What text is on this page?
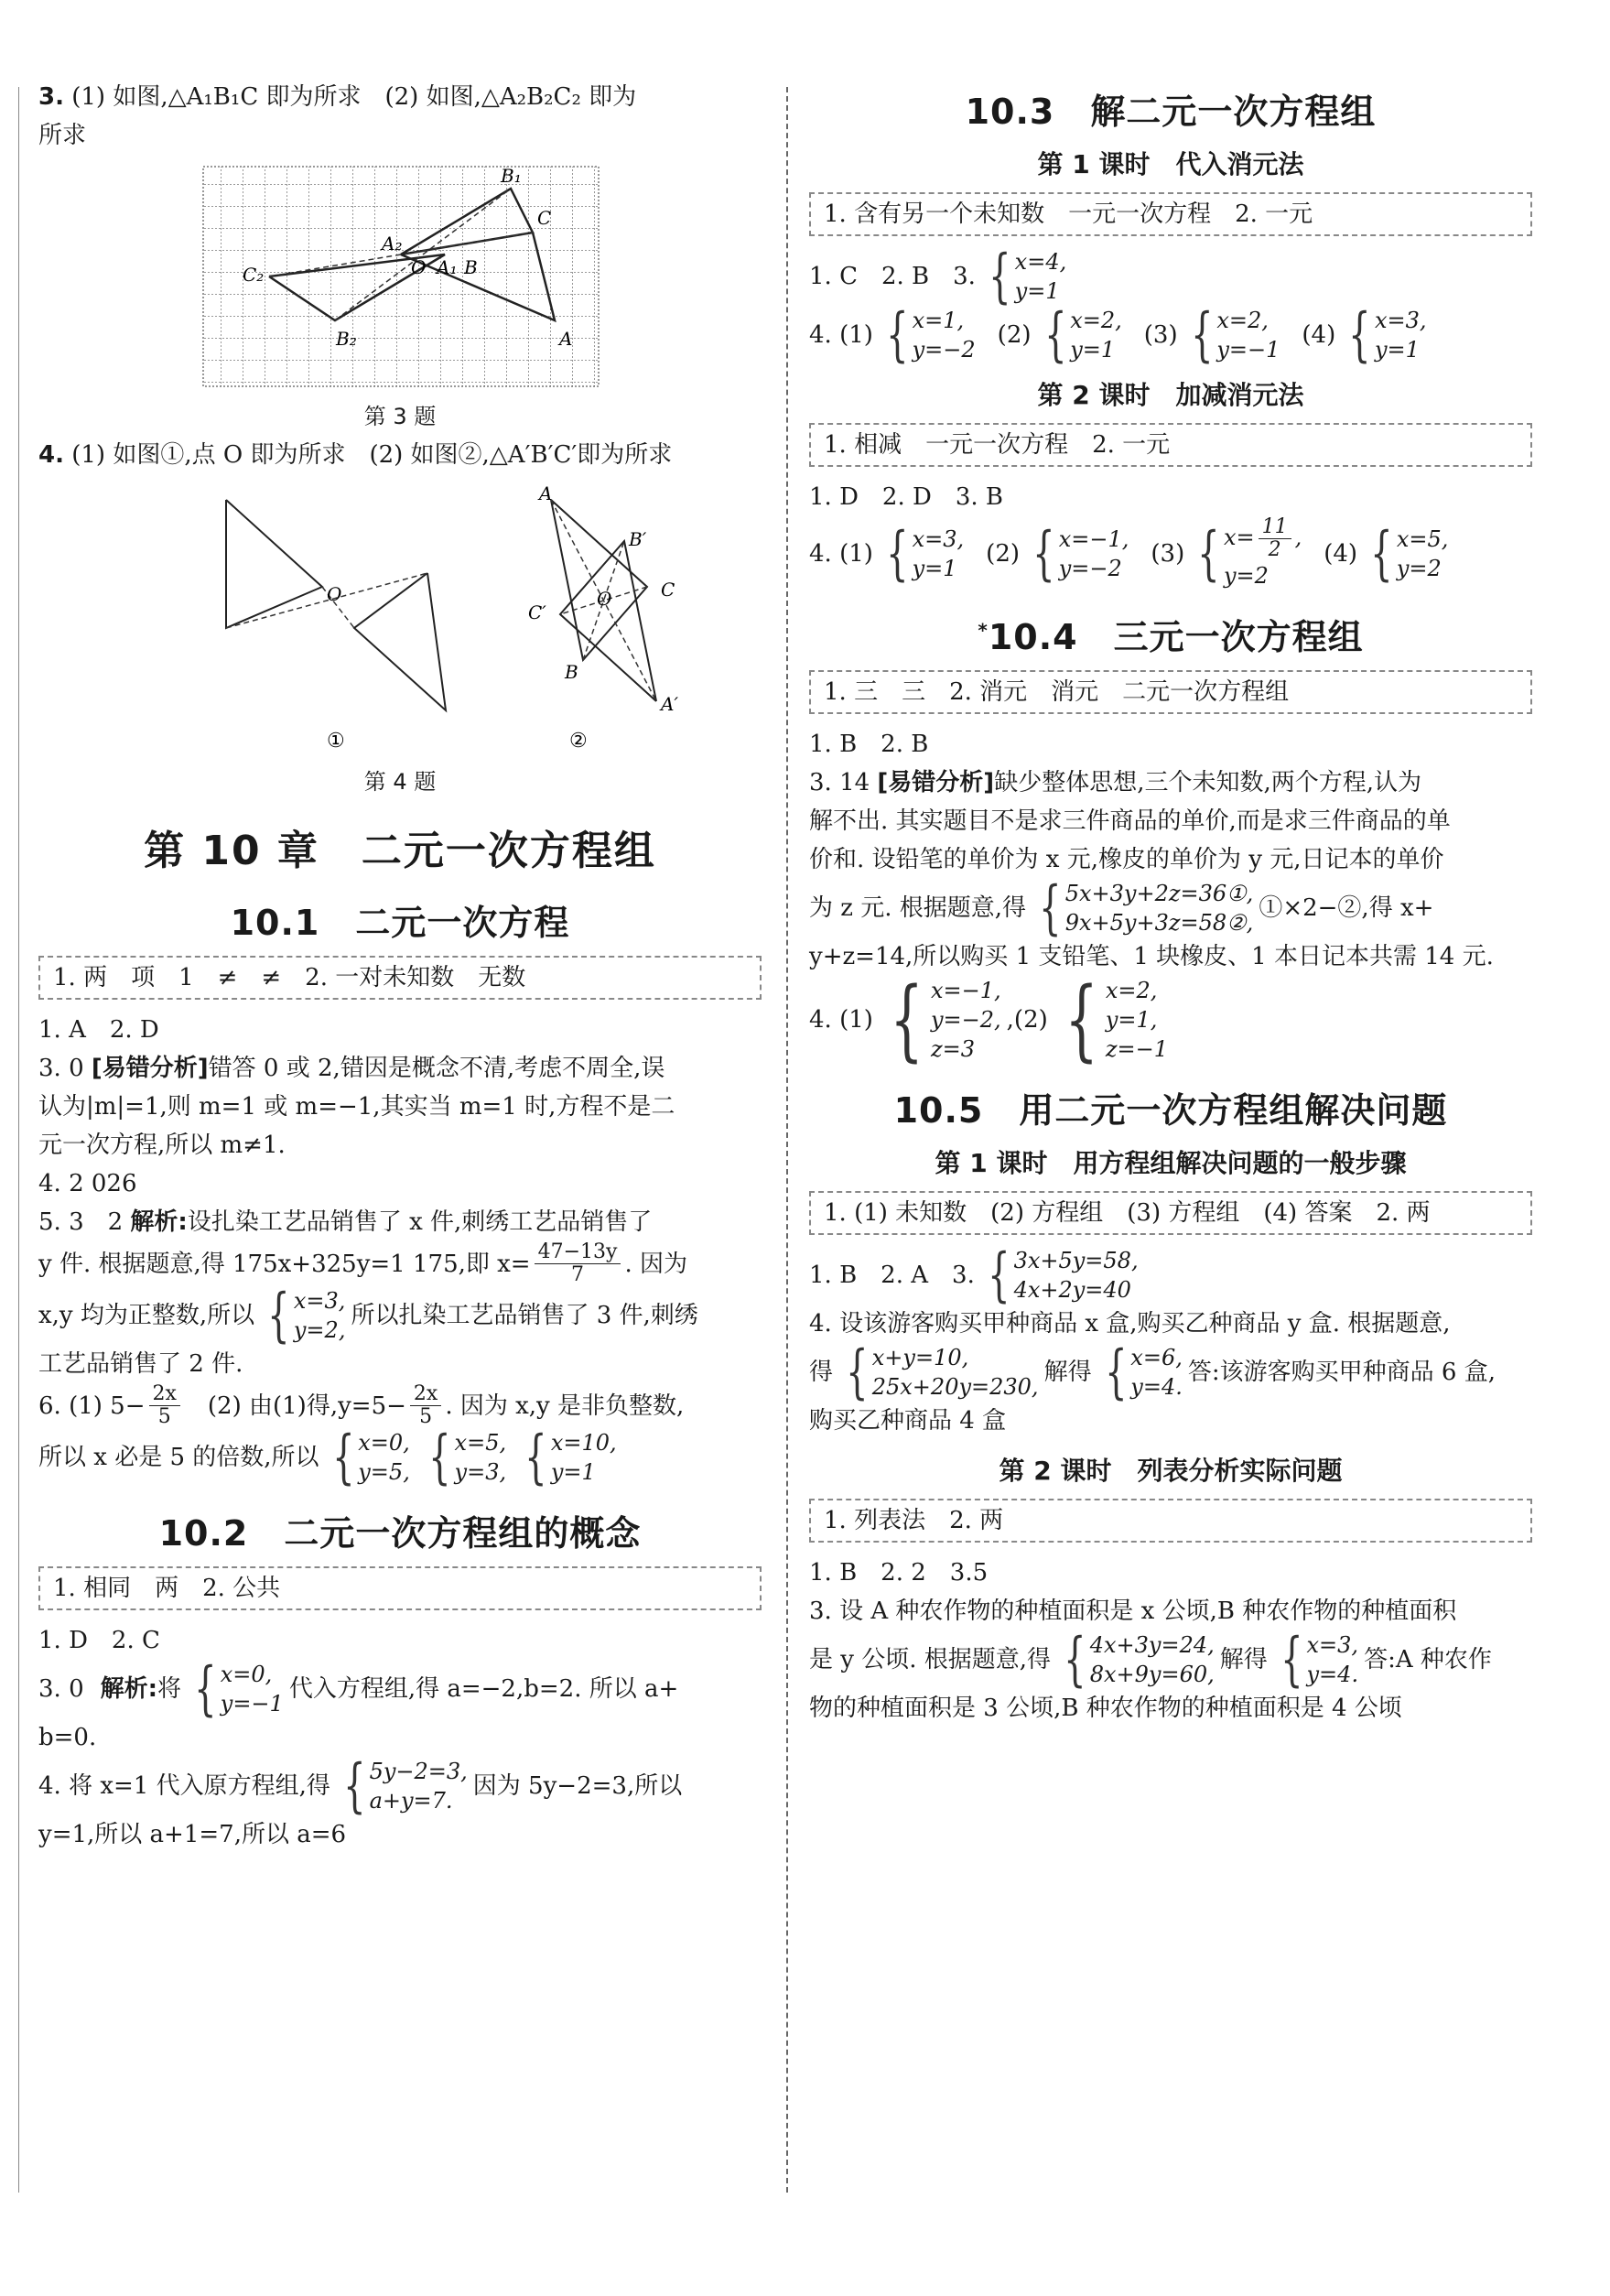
3. (1) 如图,△A₁B₁C 即为所求　(2) 如图,△A₂B₂C₂ 即为

所求

B₁
C
A₂
C₂	O A₁ B
B₂	A
第 3 题

4. (1) 如图①,点 O 即为所求　(2) 如图②,△A′B′C′即为所求

O
①
A
C′
B′
O
B
C
A′
②
第 4 题
第 10 章　二元一次方程组
10.1　二元一次方程
1. 两　项　1　≠　≠　2. 一对未知数　无数

1. A　2. D

3. 0 [易错分析]错答 0 或 2,错因是概念不清,考虑不周全,误

认为|m|=1,则 m=1 或 m=−1,其实当 m=1 时,方程不是二

元一次方程,所以 m≠1.

4. 2 026

5. 3　2 解析:设扎染工艺品销售了 x 件,刺绣工艺品销售了

y 件. 根据题意,得 175x+325y=1 175,即 $x= \frac{47-13y}{7}$ . 因为
x,y 均为正整数,所以 { x=3,
y=2,
所以扎染工艺品销售了 3 件,刺绣

工艺品销售了 2 件.

6. (1) $5- \frac{2x}{5}$ 　(2) 由(1)得$,y=5- \frac{2x}{5}$ . 因为 x,y 是非负整数,
所以 x 必是 5 的倍数,所以 { x=0,
y=5, { x=5,
y=3, { x=10,
y=1
10.2　二元一次方程组的概念
1. 相同　两　2. 公共

1. D　2. C

3. 0 解析: 将 { x=0,
y=−1
代入方程组,得 a=−2,b=2. 所以 a+

b=0.

4. 将 x=1 代入原方程组,得 { 5y−2=3,
a+y=7.
因为 5y−2=3,所以

y=1,所以 a+1=7,所以 a=6

10.3　解二元一次方程组
第 1 课时　代入消元法
1. 含有另一个未知数　一元一次方程　2. 一元
1. C　2. B　3. { x=4,
y=1
4. (1) { x=1,
y=−2
(2) { x=2,
y=1
(3) { x=2,
y=−1
(4) { x=3,
y=1
第 2 课时　加减消元法
1. 相减　一元一次方程　2. 一元

1. D　2. D　3. B

4. (1) { x=3,
y=1
(2) { x=−1,
y=−2
(3) { $x= \frac{11}{2}$ ,
y=2
(4) { x=5,
y=2
*10.4　三元一次方程组
1. 三　三　2. 消元　消元　二元一次方程组

1. B　2. B

3. 14 [易错分析]缺少整体思想,三个未知数,两个方程,认为

解不出. 其实题目不是求三件商品的单价,而是求三件商品的单

价和. 设铅笔的单价为 x 元,橡皮的单价为 y 元,日记本的单价

为 z 元. 根据题意,得 { 5x+3y+2z=36①,
9x+5y+3z=58②,
①×2−②,得 x+

y+z=14,所以购买 1 支铅笔、1 块橡皮、1 本日记本共需 14 元.

4. (1) { x=−1,
y=−2,
z=3
,(2) { x=2,
y=1,
z=−1
10.5　用二元一次方程组解决问题
第 1 课时　用方程组解决问题的一般步骤
1. (1) 未知数　(2) 方程组　(3) 方程组　(4) 答案　2. 两
1. B　2. A　3. { 3x+5y=58,
4x+2y=40

4. 设该游客购买甲种商品 x 盒,购买乙种商品 y 盒. 根据题意,

得 { x+y=10,
25x+20y=230,
解得 { x=6,
y=4.
答:该游客购买甲种商品 6 盒,

购买乙种商品 4 盒

第 2 课时　列表分析实际问题
1. 列表法　2. 两

1. B　2. 2　3.5

3. 设 A 种农作物的种植面积是 x 公顷,B 种农作物的种植面积

是 y 公顷. 根据题意,得 { 4x+3y=24,
8x+9y=60,
解得 { x=3,
y=4.
答:A 种农作

物的种植面积是 3 公顷,B 种农作物的种植面积是 4 公顷
